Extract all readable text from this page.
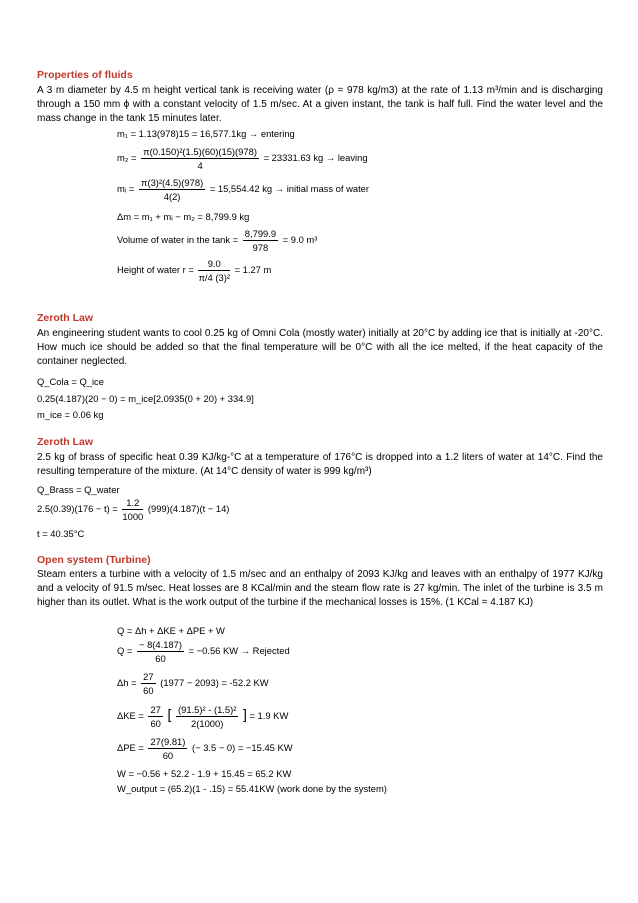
Properties of fluids
A 3 m diameter by 4.5 m height vertical tank is receiving water (ρ = 978 kg/m3) at the rate of 1.13 m³/min and is discharging through a 150 mm ϕ with a constant velocity of 1.5 m/sec. At a given instant, the tank is half full. Find the water level and the mass change in the tank 15 minutes later.
m₁ = 1.13(978)15 = 16,577.1kg → entering
$m_2 = \frac{\text{π(0.150)²(1.5)(60)(15)(978)}}{4} = 23331.63$ kg → leaving
mᵢ = $\frac{\text{π(3)²(4.5)(978)}}{4(2)} = 15,554.42$ kg → initial mass of water
Δm = m₁ + mᵢ − m₂ = 8,799.9 kg
Volume of water in the $\tan k = \frac{8,799.9}{978} = 9.0$ m³
Height of water $r = \frac{9.0}{\text{π/4 (3)²}} = 1.27$ m
Zeroth Law
An engineering student wants to cool 0.25 kg of Omni Cola (mostly water) initially at 20°C by adding ice that is initially at -20°C. How much ice should be added so that the final temperature will be 0°C with all the ice melted, if the heat capacity of the container neglected.
Q_Cola = Q_ice
0.25(4.187)(20 − 0) = m_ice[2.0935(0 + 20) + 334.9]
m_ice = 0.06 kg
Zeroth Law
2.5 kg of brass of specific heat 0.39 KJ/kg-°C at a temperature of 176°C is dropped into a 1.2 liters of water at 14°C. Find the resulting temperature of the mixture. (At 14°C density of water is 999 kg/m³)
Q_Brass = Q_water
$2.5(0.39)(176 - t) = \frac{1.2}{1000} (999)(4.187)(t - 14)$
t = 40.35°C
Open system (Turbine)
Steam enters a turbine with a velocity of 1.5 m/sec and an enthalpy of 2093 KJ/kg and leaves with an enthalpy of 1977 KJ/kg and a velocity of 91.5 m/sec. Heat losses are 8 KCal/min and the steam flow rate is 27 kg/min. The inlet of the turbine is 3.5 m higher than its outlet. What is the work output of the turbine if the mechanical losses is 15%. (1 KCal = 4.187 KJ)
Q = Δh + ΔKE + ΔPE + W
$Q = \frac{- 8(4.187)}{60} = -0.56$ KW → Rejected
$\Delta h = \frac{27}{60} (1977 - 2093) = -52.2$ KW
$\Delta KE = \frac{27}{60}$ [ $\frac{\text{(91.5)² - (1.5)²}}{2(1000)}$ ] = 1.9 KW
$\Delta PE = \frac{27(9.81)}{60}$ (− 3.5 − 0) = −15.45 KW
W = −0.56 + 52.2 - 1.9 + 15.45 = 65.2 KW
W_output = (65.2)(1 - .15) = 55.41KW (work done by the system)
